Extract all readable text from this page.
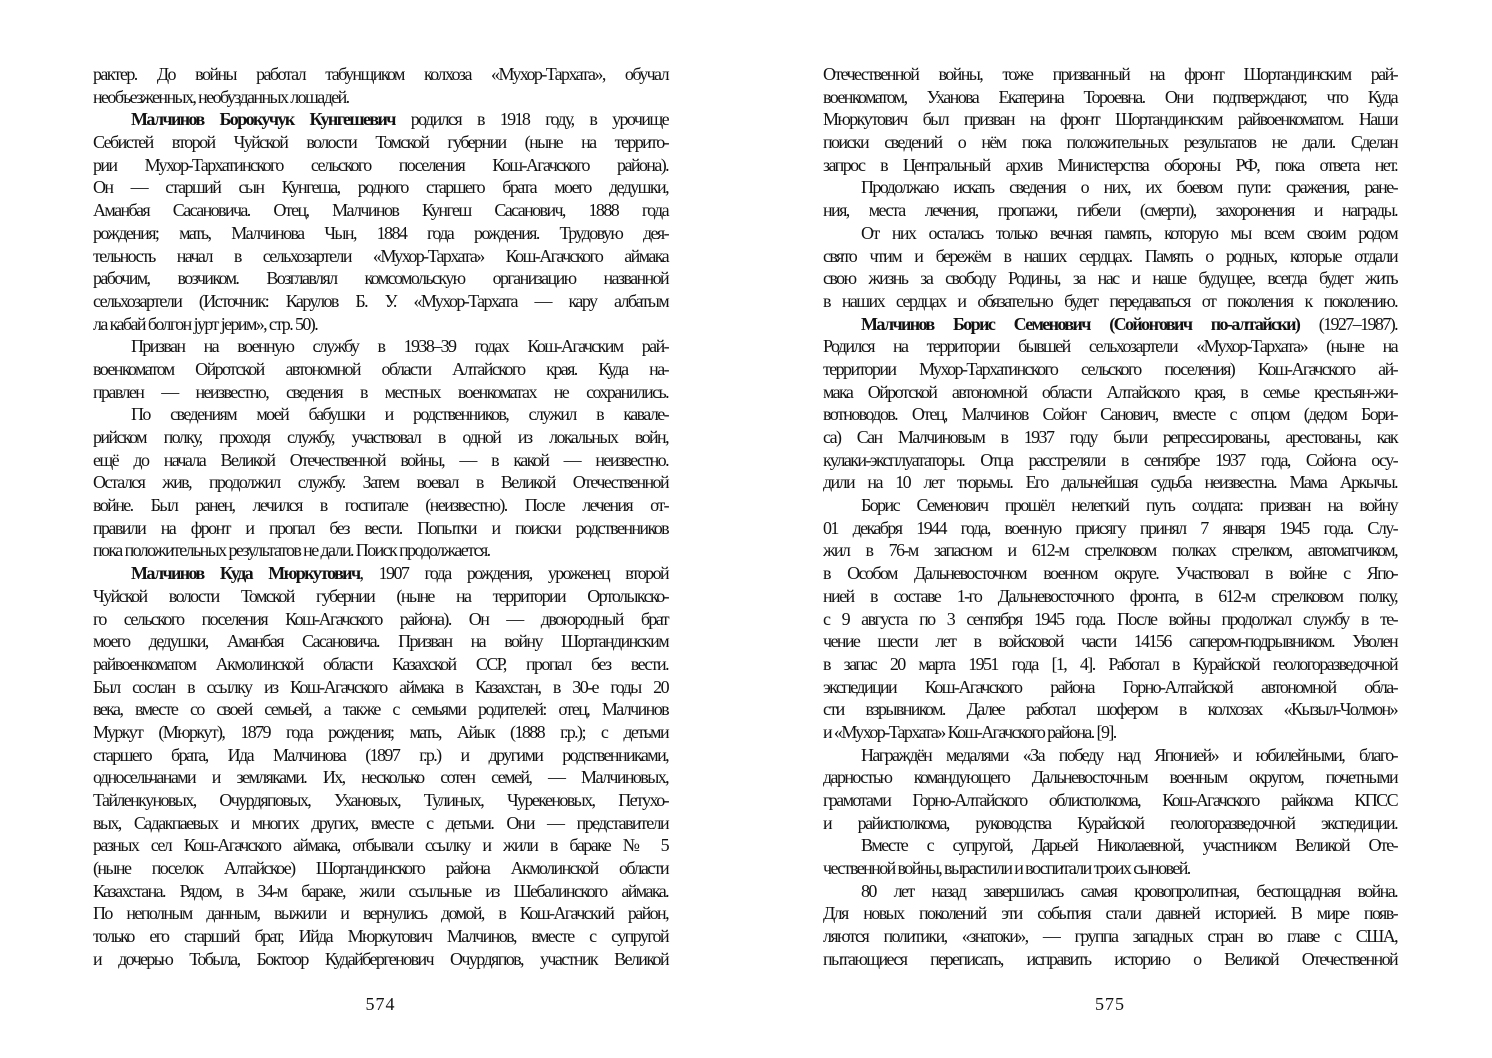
рактер. До войны работал табунщиком колхоза «Мухор-Тархата», обучал
необъезженных, необузданных лошадей.
Малчинов Борокучук Кунгешевич родился в 1918 году, в урочище
Себистей второй Чуйской волости Томской губернии (ныне на террито-
рии Мухор-Тархатинского сельского поселения Кош-Агачского района).
Он — старший сын Кунгеша, родного старшего брата моего дедушки,
Аманбая Сасановича. Отец, Малчинов Кунгеш Сасанович, 1888 года
рождения; мать, Малчинова Чын, 1884 года рождения. Трудовую дея-
тельность начал в сельхозартели «Мухор-Тархата» Кош-Агачского аймака
рабочим, возчиком. Возглавлял комсомольскую организацию названной
сельхозартели (Источник: Карулов Б. У. «Мухор-Тархата — кару албатым
ла кабай болгон јурт јерим», стр. 50).
Призван на военную службу в 1938–39 годах Кош-Агачским рай-
военкоматом Ойротской автономной области Алтайского края. Куда на-
правлен — неизвестно, сведения в местных военкоматах не сохранились.
По сведениям моей бабушки и родственников, служил в кавале-
рийском полку, проходя службу, участвовал в одной из локальных войн,
ещё до начала Великой Отечественной войны, — в какой — неизвестно.
Остался жив, продолжил службу. Затем воевал в Великой Отечественной
войне. Был ранен, лечился в госпитале (неизвестно). После лечения от-
правили на фронт и пропал без вести. Попытки и поиски родственников
пока положительных результатов не дали. Поиск продолжается.
Малчинов Куда Мюркутович, 1907 года рождения, уроженец второй
Чуйской волости Томской губернии (ныне на территории Ортолыкско-
го сельского поселения Кош-Агачского района). Он — двоюродный брат
моего дедушки, Аманбая Сасановича. Призван на войну Шортандинским
райвоенкоматом Акмолинской области Казахской ССР, пропал без вести.
Был сослан в ссылку из Кош-Агачского аймака в Казахстан, в 30-е годы 20
века, вместе со своей семьей, а также с семьями родителей: отец, Малчинов
Муркут (Мюркут), 1879 года рождения; мать, Айык (1888 г.р.); с детьми
старшего брата, Ида Малчинова (1897 г.р.) и другими родственниками,
односельчанами и земляками. Их, несколько сотен семей, — Малчиновых,
Тайленкуновых, Очурдяповых, Ухановых, Тулиных, Чурекеновых, Петухо-
вых, Садакпаевых и многих других, вместе с детьми. Они — представители
разных сел Кош-Агачского аймака, отбывали ссылку и жили в бараке № 5
(ныне поселок Алтайское) Шортандинского района Акмолинской области
Казахстана. Рядом, в 34-м бараке, жили ссыльные из Шебалинского аймака.
По неполным данным, выжили и вернулись домой, в Кош-Агачский район,
только его старший брат, Ийда Мюркутович Малчинов, вместе с супругой
и дочерью Тобыла, Боктоор Кудайбергенович Очурдяпов, участник Великой
574
Отечественной войны, тоже призванный на фронт Шортандинским рай-
военкоматом, Уханова Екатерина Тороевна. Они подтверждают, что Куда
Мюркутович был призван на фронт Шортандинским райвоенкоматом. Наши
поиски сведений о нём пока положительных результатов не дали. Сделан
запрос в Центральный архив Министерства обороны РФ, пока ответа нет.
Продолжаю искать сведения о них, их боевом пути: сражения, ране-
ния, места лечения, пропажи, гибели (смерти), захоронения и награды.
От них осталась только вечная память, которую мы всем своим родом
свято чтим и бережём в наших сердцах. Память о родных, которые отдали
свою жизнь за свободу Родины, за нас и наше будущее, всегда будет жить
в наших сердцах и обязательно будет передаваться от поколения к поколению.
Малчинов Борис Семенович (Сойоҥович по-алтайски) (1927–1987).
Родился на территории бывшей сельхозартели «Мухор-Тархата» (ныне на
территории Мухор-Тархатинского сельского поселения) Кош-Агачского ай-
мака Ойротской автономной области Алтайского края, в семье крестьян-жи-
вотноводов. Отец, Малчинов Сойоҥ Санович, вместе с отцом (дедом Бори-
са) Сан Малчиновым в 1937 году были репрессированы, арестованы, как
кулаки-эксплуататоры. Отца расстреляли в сентябре 1937 года, Сойоҥа осу-
дили на 10 лет тюрьмы. Его дальнейшая судьба неизвестна. Мама Аркычы.
Борис Семенович прошёл нелегкий путь солдата: призван на войну
01 декабря 1944 года, военную присягу принял 7 января 1945 года. Слу-
жил в 76-м запасном и 612-м стрелковом полках стрелком, автоматчиком,
в Особом Дальневосточном военном округе. Участвовал в войне с Япо-
нией в составе 1-го Дальневосточного фронта, в 612-м стрелковом полку,
с 9 августа по 3 сентября 1945 года. После войны продолжал службу в те-
чение шести лет в войсковой части 14156 сапером-подрывником. Уволен
в запас 20 марта 1951 года [1, 4]. Работал в Курайской геологоразведочной
экспедиции Кош-Агачского района Горно-Алтайской автономной обла-
сти взрывником. Далее работал шофером в колхозах «Кызыл-Чолмон»
и «Мухор-Тархата» Кош-Агачского района. [9].
Награждён медалями «За победу над Японией» и юбилейными, благо-
дарностью командующего Дальневосточным военным округом, почетными
грамотами Горно-Алтайского облисполкома, Кош-Агачского райкома КПСС
и райисполкома, руководства Курайской геологоразведочной экспедиции.
Вместе с супругой, Дарьей Николаевной, участником Великой Оте-
чественной войны, вырастили и воспитали троих сыновей.
80 лет назад завершилась самая кровопролитная, беспощадная война.
Для новых поколений эти события стали давней историей. В мире появ-
ляются политики, «знатоки», — группа западных стран во главе с США,
пытающиеся переписать, исправить историю о Великой Отечественной
575
